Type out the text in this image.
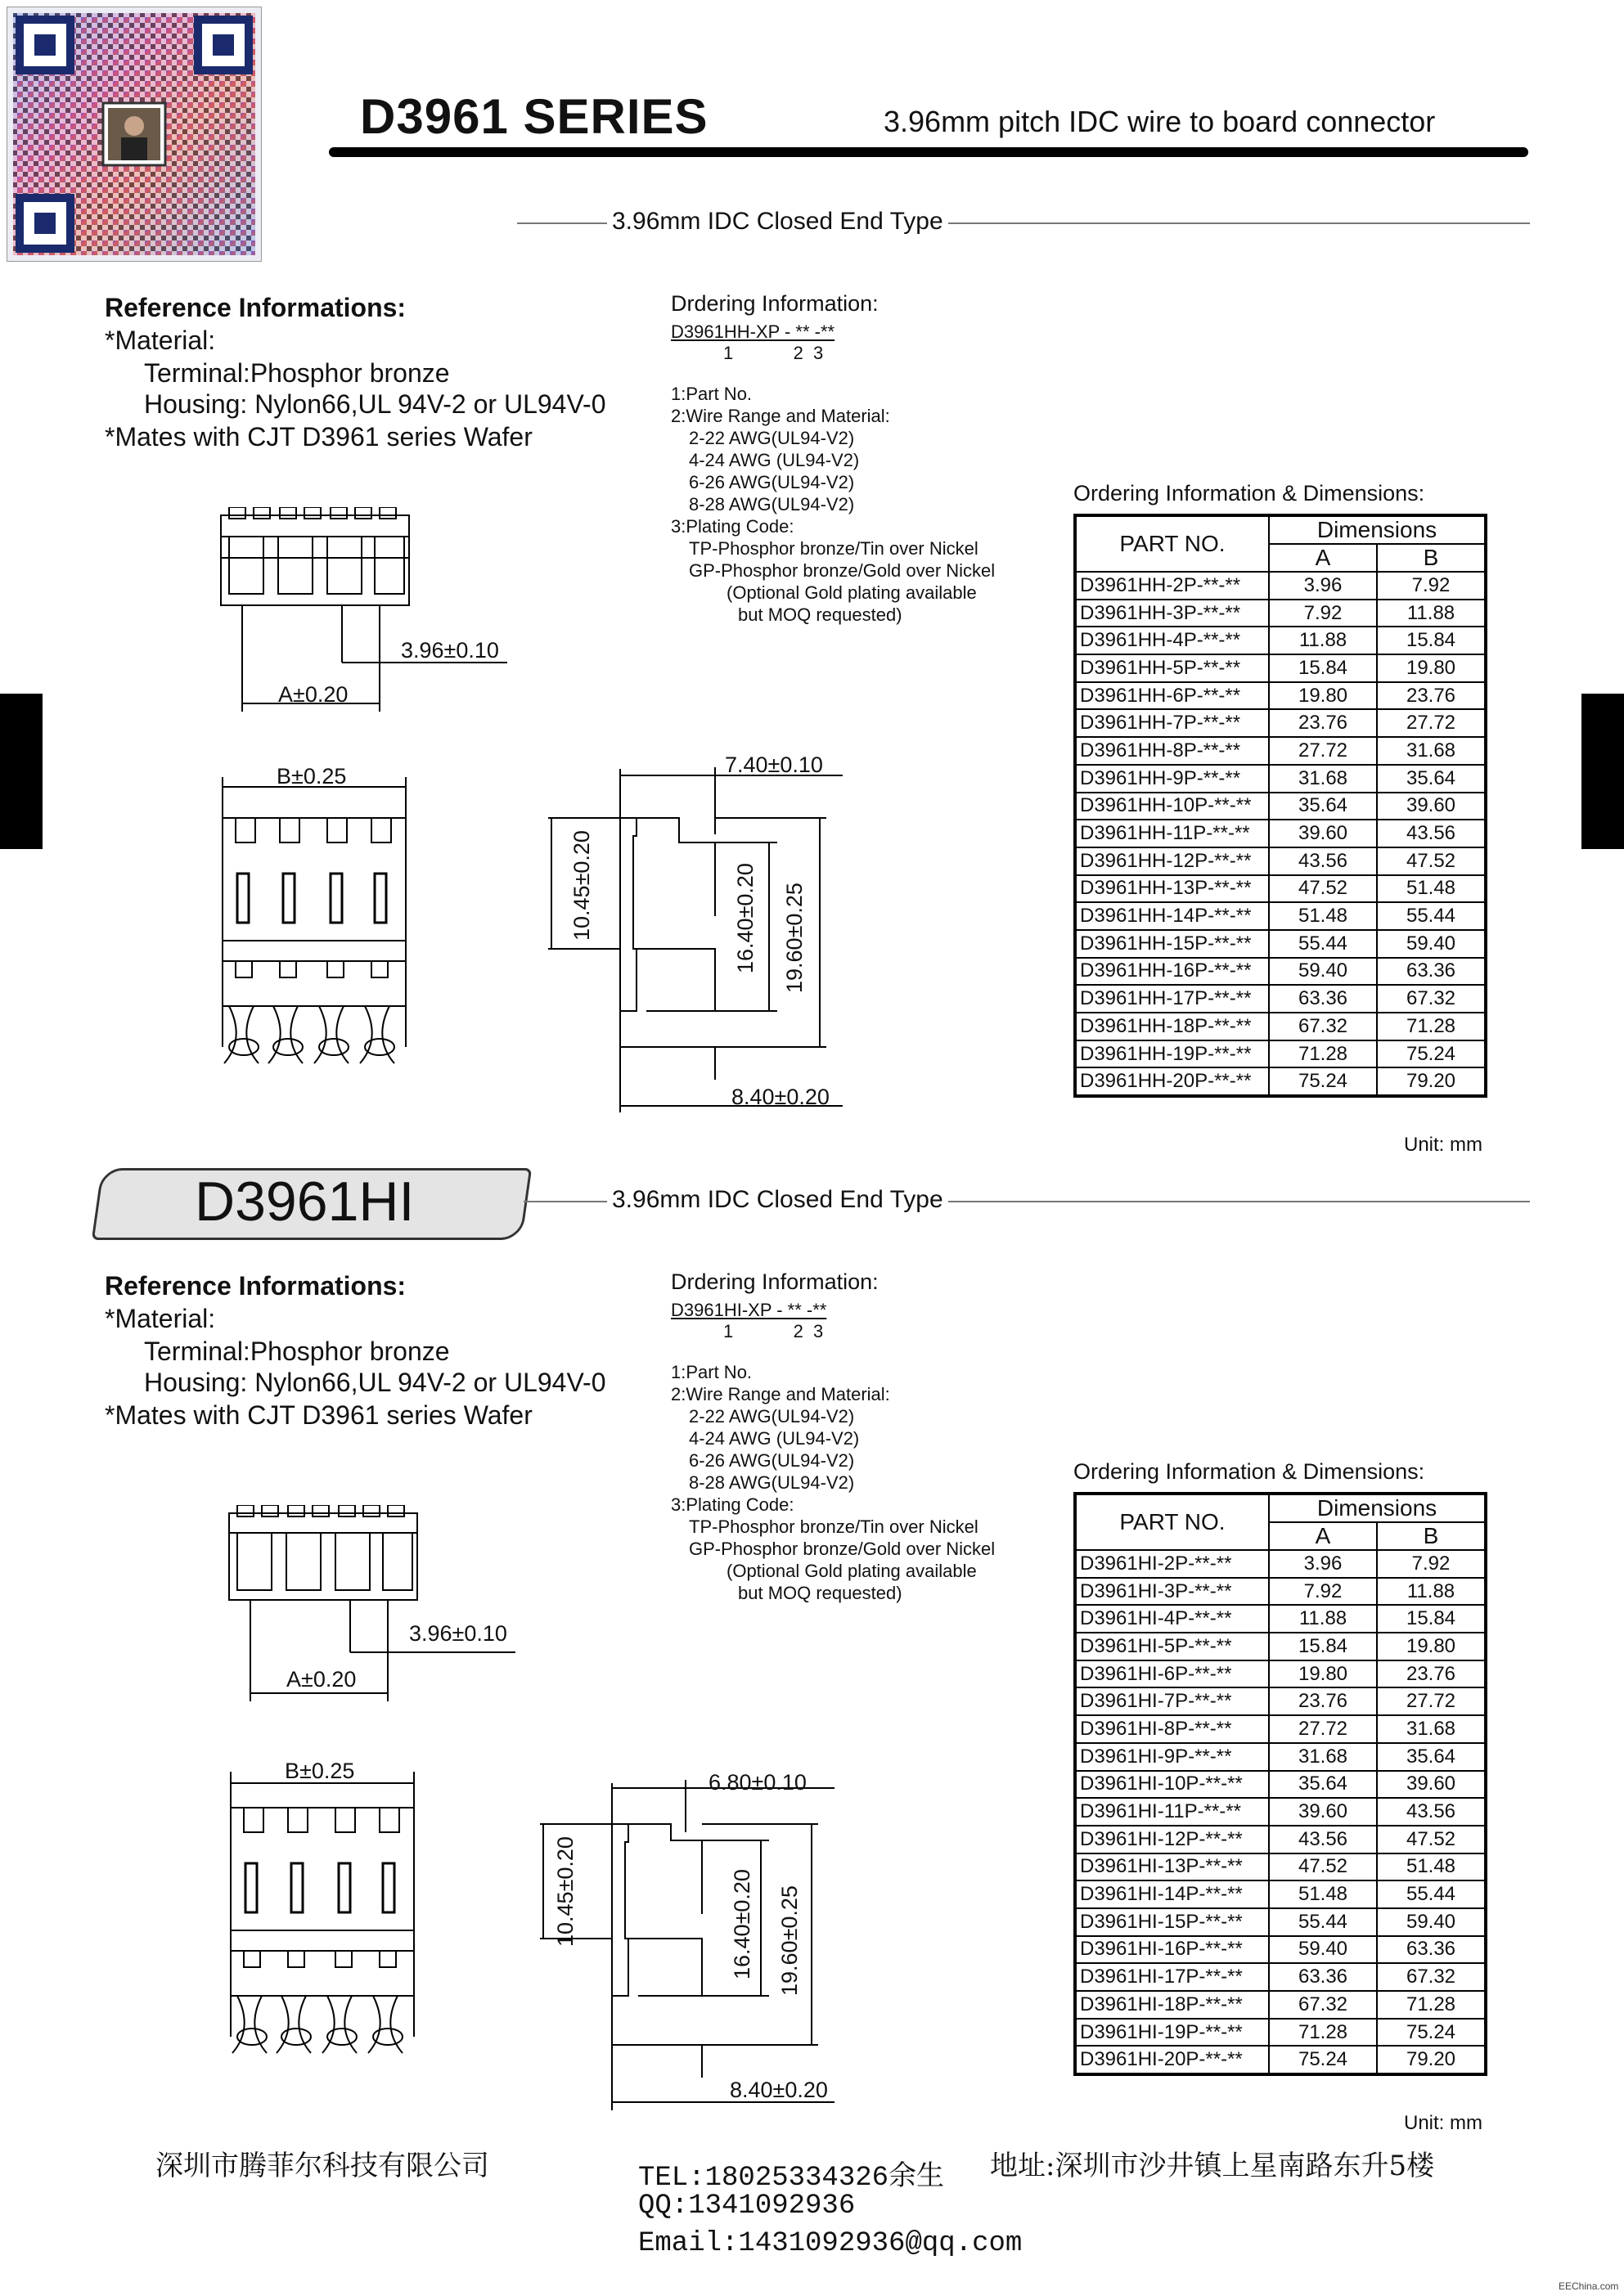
D3961 SERIES	3.96mm pitch IDC wire to board connector
3.96mm IDC Closed End Type
Reference Informations:
*Material:
Terminal:Phosphor bronze
Housing: Nylon66,UL 94V-2 or UL94V-0
*Mates with CJT D3961 series Wafer
Drdering Information:
D3961HH-XP - ** -**
1            2  3
1:Part No.
2:Wire Range and Material:
2-22 AWG(UL94-V2)
4-24 AWG (UL94-V2)
6-26 AWG(UL94-V2)
8-28 AWG(UL94-V2)
3:Plating Code:
TP-Phosphor bronze/Tin over Nickel
GP-Phosphor bronze/Gold over Nickel
(Optional Gold plating available
but MOQ requested)
3.96±0.10
A±0.20
B±0.25	7.40±0.10
10.45±0.20	16.40±0.20 19.60±0.25
8.40±0.20
Ordering Information & Dimensions:
PART NO.	Dimensions	
	A	B
D3961HH-2P-**-**	3.96	7.92
D3961HH-3P-**-**	7.92	11.88
D3961HH-4P-**-**	11.88	15.84
D3961HH-5P-**-**	15.84	19.80
D3961HH-6P-**-**	19.80	23.76
D3961HH-7P-**-**	23.76	27.72
D3961HH-8P-**-**	27.72	31.68
D3961HH-9P-**-**	31.68	35.64
D3961HH-10P-**-**	35.64	39.60
D3961HH-11P-**-**	39.60	43.56
D3961HH-12P-**-**	43.56	47.52
D3961HH-13P-**-**	47.52	51.48
D3961HH-14P-**-**	51.48	55.44
D3961HH-15P-**-**	55.44	59.40
D3961HH-16P-**-**	59.40	63.36
D3961HH-17P-**-**	63.36	67.32
D3961HH-18P-**-**	67.32	71.28
D3961HH-19P-**-**	71.28	75.24
D3961HH-20P-**-**	75.24	79.20
Unit: mm
D3961HI	3.96mm IDC Closed End Type
Reference Informations:
*Material:
Terminal:Phosphor bronze
Housing: Nylon66,UL 94V-2 or UL94V-0
*Mates with CJT D3961 series Wafer
Drdering Information:
D3961HI-XP - ** -**
1            2  3
1:Part No.
2:Wire Range and Material:
2-22 AWG(UL94-V2)
4-24 AWG (UL94-V2)
6-26 AWG(UL94-V2)
8-28 AWG(UL94-V2)
3:Plating Code:
TP-Phosphor bronze/Tin over Nickel
GP-Phosphor bronze/Gold over Nickel
(Optional Gold plating available
but MOQ requested)
3.96±0.10
A±0.20
B±0.25	6.80±0.10
10.45±0.20	16.40±0.20 19.60±0.25
8.40±0.20
Ordering Information & Dimensions:
PART NO.	Dimensions	
	A	B
D3961HI-2P-**-**	3.96	7.92
D3961HI-3P-**-**	7.92	11.88
D3961HI-4P-**-**	11.88	15.84
D3961HI-5P-**-**	15.84	19.80
D3961HI-6P-**-**	19.80	23.76
D3961HI-7P-**-**	23.76	27.72
D3961HI-8P-**-**	27.72	31.68
D3961HI-9P-**-**	31.68	35.64
D3961HI-10P-**-**	35.64	39.60
D3961HI-11P-**-**	39.60	43.56
D3961HI-12P-**-**	43.56	47.52
D3961HI-13P-**-**	47.52	51.48
D3961HI-14P-**-**	51.48	55.44
D3961HI-15P-**-**	55.44	59.40
D3961HI-16P-**-**	59.40	63.36
D3961HI-17P-**-**	63.36	67.32
D3961HI-18P-**-**	67.32	71.28
D3961HI-19P-**-**	71.28	75.24
D3961HI-20P-**-**	75.24	79.20
Unit: mm
深圳市腾菲尔科技有限公司	TEL:18025334326余生
QQ:1341092936
Email:1431092936@qq.com
地址:深圳市沙井镇上星南路东升5楼
EEChina.com
